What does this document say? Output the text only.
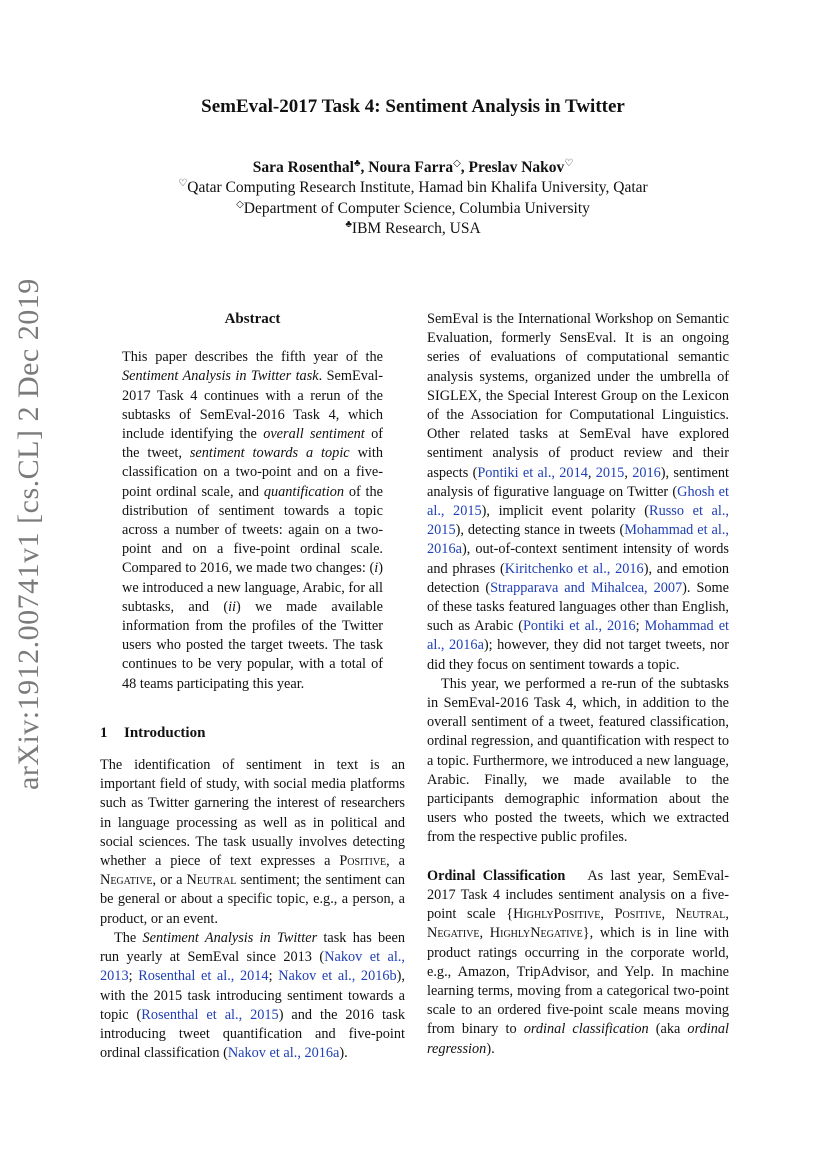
arXiv:1912.00741v1 [cs.CL] 2 Dec 2019
SemEval-2017 Task 4: Sentiment Analysis in Twitter
Sara Rosenthal♣, Noura Farra◇, Preslav Nakov♡
♡Qatar Computing Research Institute, Hamad bin Khalifa University, Qatar
◇Department of Computer Science, Columbia University
♣IBM Research, USA
Abstract

This paper describes the fifth year of the Sentiment Analysis in Twitter task. SemEval-2017 Task 4 continues with a rerun of the subtasks of SemEval-2016 Task 4, which include identifying the overall sentiment of the tweet, sentiment towards a topic with classification on a two-point and on a five-point ordinal scale, and quantification of the distribution of sentiment towards a topic across a number of tweets: again on a two-point and on a five-point ordinal scale. Compared to 2016, we made two changes: (i) we introduced a new language, Arabic, for all subtasks, and (ii) we made available information from the profiles of the Twitter users who posted the target tweets. The task continues to be very popular, with a total of 48 teams participating this year.

1 Introduction

The identification of sentiment in text is an important field of study, with social media platforms such as Twitter garnering the interest of researchers in language processing as well as in political and social sciences. The task usually involves detecting whether a piece of text expresses a Positive, a Negative, or a Neutral sentiment; the sentiment can be general or about a specific topic, e.g., a person, a product, or an event.

The Sentiment Analysis in Twitter task has been run yearly at SemEval since 2013 (Nakov et al., 2013; Rosenthal et al., 2014; Nakov et al., 2016b), with the 2015 task introducing sentiment towards a topic (Rosenthal et al., 2015) and the 2016 task introducing tweet quantification and five-point ordinal classification (Nakov et al., 2016a).

SemEval is the International Workshop on Semantic Evaluation, formerly SensEval. It is an ongoing series of evaluations of computational semantic analysis systems, organized under the umbrella of SIGLEX, the Special Interest Group on the Lexicon of the Association for Computational Linguistics. Other related tasks at SemEval have explored sentiment analysis of product review and their aspects (Pontiki et al., 2014, 2015, 2016), sentiment analysis of figurative language on Twitter (Ghosh et al., 2015), implicit event polarity (Russo et al., 2015), detecting stance in tweets (Mohammad et al., 2016a), out-of-context sentiment intensity of words and phrases (Kiritchenko et al., 2016), and emotion detection (Strapparava and Mihalcea, 2007). Some of these tasks featured languages other than English, such as Arabic (Pontiki et al., 2016; Mohammad et al., 2016a); however, they did not target tweets, nor did they focus on sentiment towards a topic.

This year, we performed a re-run of the subtasks in SemEval-2016 Task 4, which, in addition to the overall sentiment of a tweet, featured classification, ordinal regression, and quantification with respect to a topic. Furthermore, we introduced a new language, Arabic. Finally, we made available to the participants demographic information about the users who posted the tweets, which we extracted from the respective public profiles.

Ordinal Classification   As last year, SemEval-2017 Task 4 includes sentiment analysis on a five-point scale {HighlyPositive, Positive, Neutral, Negative, HighlyNegative}, which is in line with product ratings occurring in the corporate world, e.g., Amazon, TripAdvisor, and Yelp. In machine learning terms, moving from a categorical two-point scale to an ordered five-point scale means moving from binary to ordinal classification (aka ordinal regression).
